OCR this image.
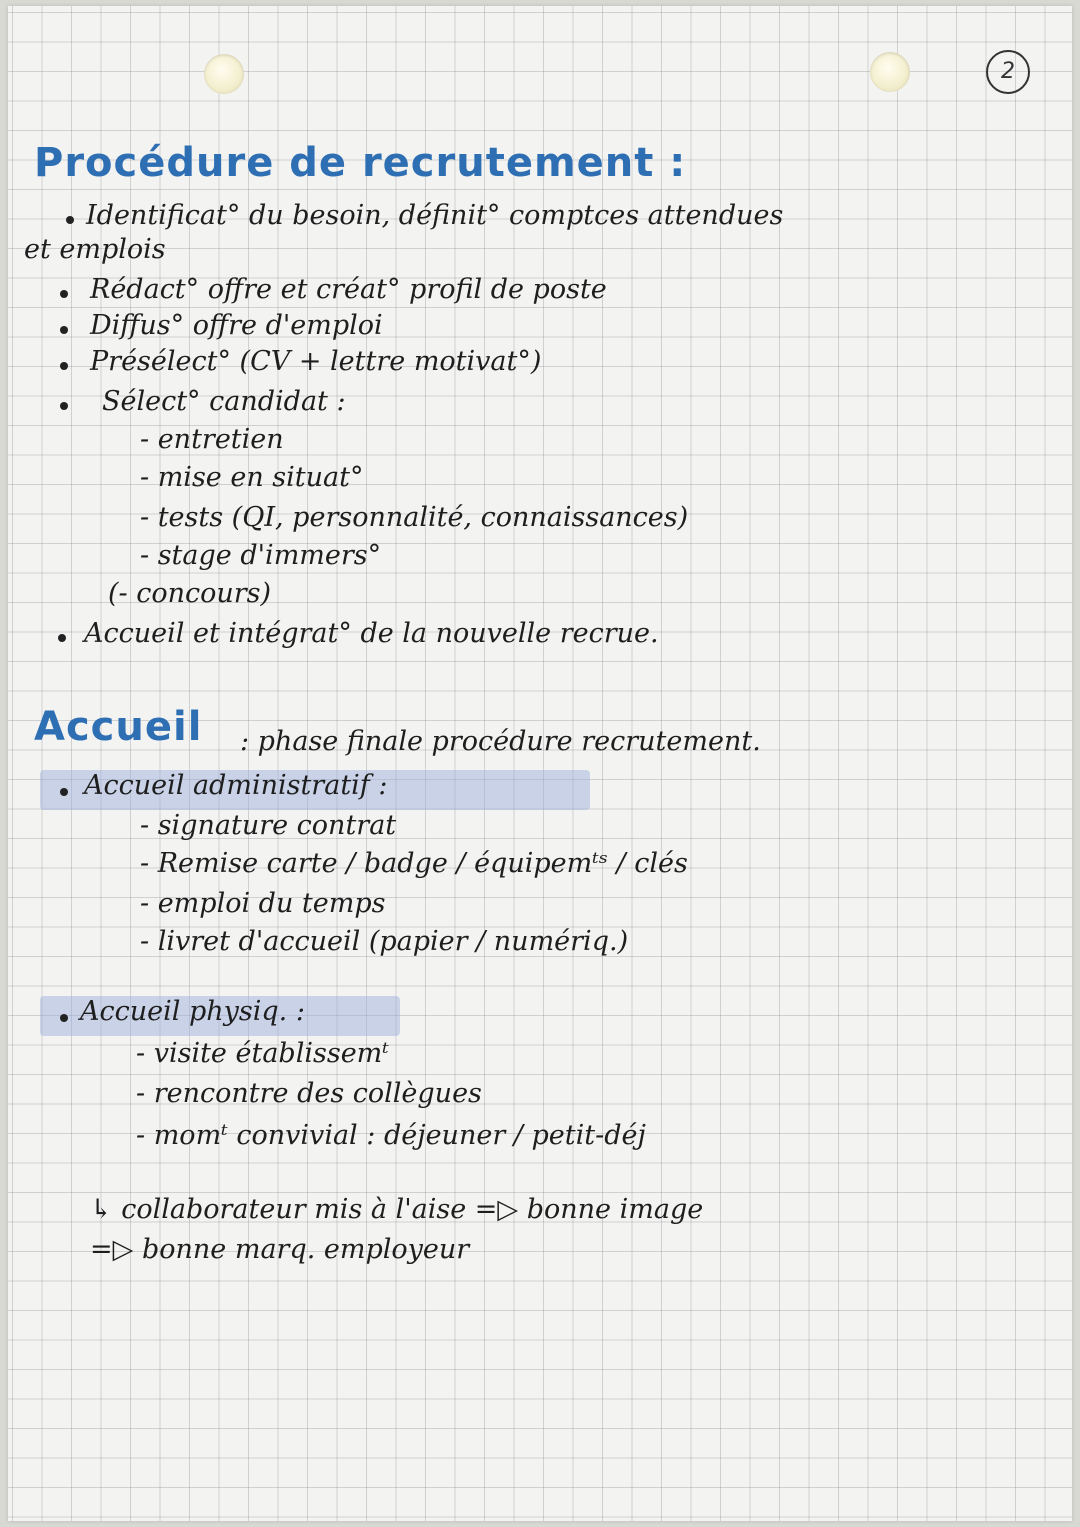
2
Procédure de recrutement :
Identificat° du besoin, définit° comptces attendues
et emplois
Rédact° offre et créat° profil de poste
Diffus° offre d'emploi
Présélect° (CV + lettre motivat°)
Sélect° candidat :
- entretien
- mise en situat°
- tests (QI, personnalité, connaissances)
- stage d'immers°
(- concours)
Accueil et intégrat° de la nouvelle recrue.
Accueil : phase finale procédure recrutement.
Accueil administratif :
- signature contrat
- Remise carte / badge / équipemᵗˢ / clés
- emploi du temps
- livret d'accueil (papier / numériq.)
Accueil physiq. :
- visite établissemᵗ
- rencontre des collègues
- momᵗ convivial : déjeuner / petit-déj
↳ collaborateur mis à l'aise =▷ bonne image
=▷ bonne marq. employeur
